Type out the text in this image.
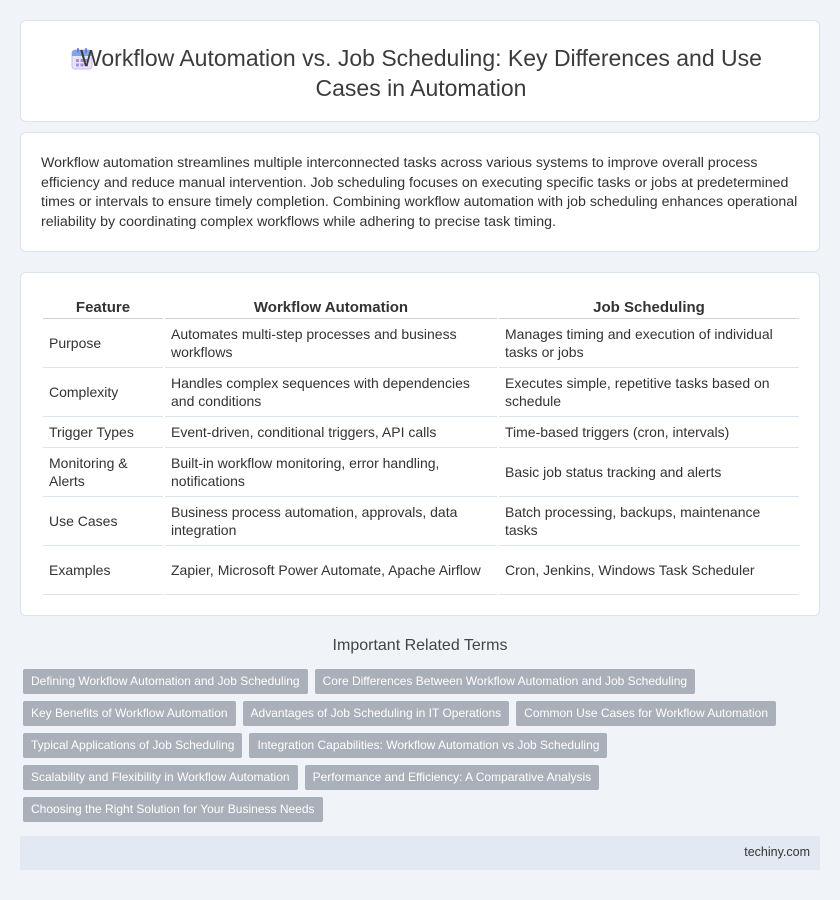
Workflow Automation vs. Job Scheduling: Key Differences and Use Cases in Automation

Workflow automation streamlines multiple interconnected tasks across various systems to improve overall process efficiency and reduce manual intervention. Job scheduling focuses on executing specific tasks or jobs at predetermined times or intervals to ensure timely completion. Combining workflow automation with job scheduling enhances operational reliability by coordinating complex workflows while adhering to precise task timing.

Feature	Workflow Automation	Job Scheduling
Purpose	Automates multi-step processes and business workflows	Manages timing and execution of individual tasks or jobs
Complexity	Handles complex sequences with dependencies and conditions	Executes simple, repetitive tasks based on schedule
Trigger Types	Event-driven, conditional triggers, API calls	Time-based triggers (cron, intervals)
Monitoring & Alerts	Built-in workflow monitoring, error handling, notifications	Basic job status tracking and alerts
Use Cases	Business process automation, approvals, data integration	Batch processing, backups, maintenance tasks
Examples	Zapier, Microsoft Power Automate, Apache Airflow	Cron, Jenkins, Windows Task Scheduler
Important Related Terms
Defining Workflow Automation and Job Scheduling	Core Differences Between Workflow Automation and Job Scheduling
Key Benefits of Workflow Automation	Advantages of Job Scheduling in IT Operations	Common Use Cases for Workflow Automation
Typical Applications of Job Scheduling	Integration Capabilities: Workflow Automation vs Job Scheduling
Scalability and Flexibility in Workflow Automation	Performance and Efficiency: A Comparative Analysis
Choosing the Right Solution for Your Business Needs
techiny.com
